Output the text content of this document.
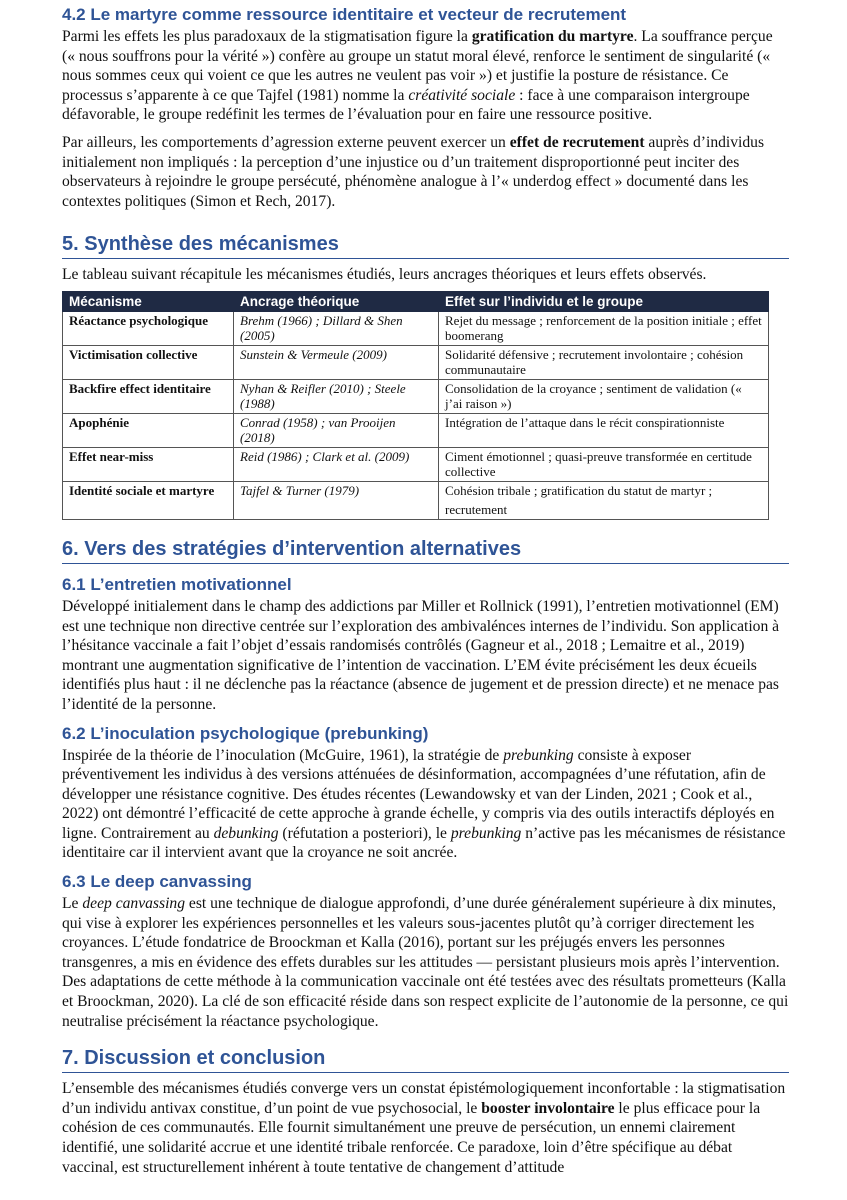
4.2 Le martyre comme ressource identitaire et vecteur de recrutement

Parmi les effets les plus paradoxaux de la stigmatisation figure la gratification du martyre. La souffrance perçue (« nous souffrons pour la vérité ») confère au groupe un statut moral élevé, renforce le sentiment de singularité (« nous sommes ceux qui voient ce que les autres ne veulent pas voir ») et justifie la posture de résistance. Ce processus s’apparente à ce que Tajfel (1981) nomme la créativité sociale : face à une comparaison intergroupe défavorable, le groupe redéfinit les termes de l’évaluation pour en faire une ressource positive.

Par ailleurs, les comportements d’agression externe peuvent exercer un effet de recrutement auprès d’individus initialement non impliqués : la perception d’une injustice ou d’un traitement disproportionné peut inciter des observateurs à rejoindre le groupe persécuté, phénomène analogue à l’« underdog effect » documenté dans les contextes politiques (Simon et Rech, 2017).

5. Synthèse des mécanismes

Le tableau suivant récapitule les mécanismes étudiés, leurs ancrages théoriques et leurs effets observés.

Mécanisme	Ancrage théorique	Effet sur l’individu et le groupe
Réactance psychologique	Brehm (1966) ; Dillard & Shen (2005)	Rejet du message ; renforcement de la position initiale ; effet boomerang
Victimisation collective	Sunstein & Vermeule (2009)	Solidarité défensive ; recrutement involontaire ; cohésion communautaire
Backfire effect identitaire	Nyhan & Reifler (2010) ; Steele (1988)	Consolidation de la croyance ; sentiment de validation (« j’ai raison »)
Apophénie	Conrad (1958) ; van Prooijen (2018)	Intégration de l’attaque dans le récit conspirationniste
Effet near-miss	Reid (1986) ; Clark et al. (2009)	Ciment émotionnel ; quasi-preuve transformée en certitude collective
Identité sociale et martyre	Tajfel & Turner (1979)	Cohésion tribale ; gratification du statut de martyr ;
recrutement
6. Vers des stratégies d’intervention alternatives
6.1 L’entretien motivationnel

Développé initialement dans le champ des addictions par Miller et Rollnick (1991), l’entretien motivationnel (EM) est une technique non directive centrée sur l’exploration des ambivalénces internes de l’individu. Son application à l’hésitance vaccinale a fait l’objet d’essais randomisés contrôlés (Gagneur et al., 2018 ; Lemaitre et al., 2019) montrant une augmentation significative de l’intention de vaccination. L’EM évite précisément les deux écueils identifiés plus haut : il ne déclenche pas la réactance (absence de jugement et de pression directe) et ne menace pas l’identité de la personne.

6.2 L’inoculation psychologique (prebunking)

Inspirée de la théorie de l’inoculation (McGuire, 1961), la stratégie de prebunking consiste à exposer préventivement les individus à des versions atténuées de désinformation, accompagnées d’une réfutation, afin de développer une résistance cognitive. Des études récentes (Lewandowsky et van der Linden, 2021 ; Cook et al., 2022) ont démontré l’efficacité de cette approche à grande échelle, y compris via des outils interactifs déployés en ligne. Contrairement au debunking (réfutation a posteriori), le prebunking n’active pas les mécanismes de résistance identitaire car il intervient avant que la croyance ne soit ancrée.

6.3 Le deep canvassing

Le deep canvassing est une technique de dialogue approfondi, d’une durée généralement supérieure à dix minutes, qui vise à explorer les expériences personnelles et les valeurs sous-jacentes plutôt qu’à corriger directement les croyances. L’étude fondatrice de Broockman et Kalla (2016), portant sur les préjugés envers les personnes transgenres, a mis en évidence des effets durables sur les attitudes — persistant plusieurs mois après l’intervention. Des adaptations de cette méthode à la communication vaccinale ont été testées avec des résultats prometteurs (Kalla et Broockman, 2020). La clé de son efficacité réside dans son respect explicite de l’autonomie de la personne, ce qui neutralise précisément la réactance psychologique.

7. Discussion et conclusion

L’ensemble des mécanismes étudiés converge vers un constat épistémologiquement inconfortable : la stigmatisation d’un individu antivax constitue, d’un point de vue psychosocial, le booster involontaire le plus efficace pour la cohésion de ces communautés. Elle fournit simultanément une preuve de persécution, un ennemi clairement identifié, une solidarité accrue et une identité tribale renforcée. Ce paradoxe, loin d’être spécifique au débat vaccinal, est structurellement inhérent à toute tentative de changement d’attitude
